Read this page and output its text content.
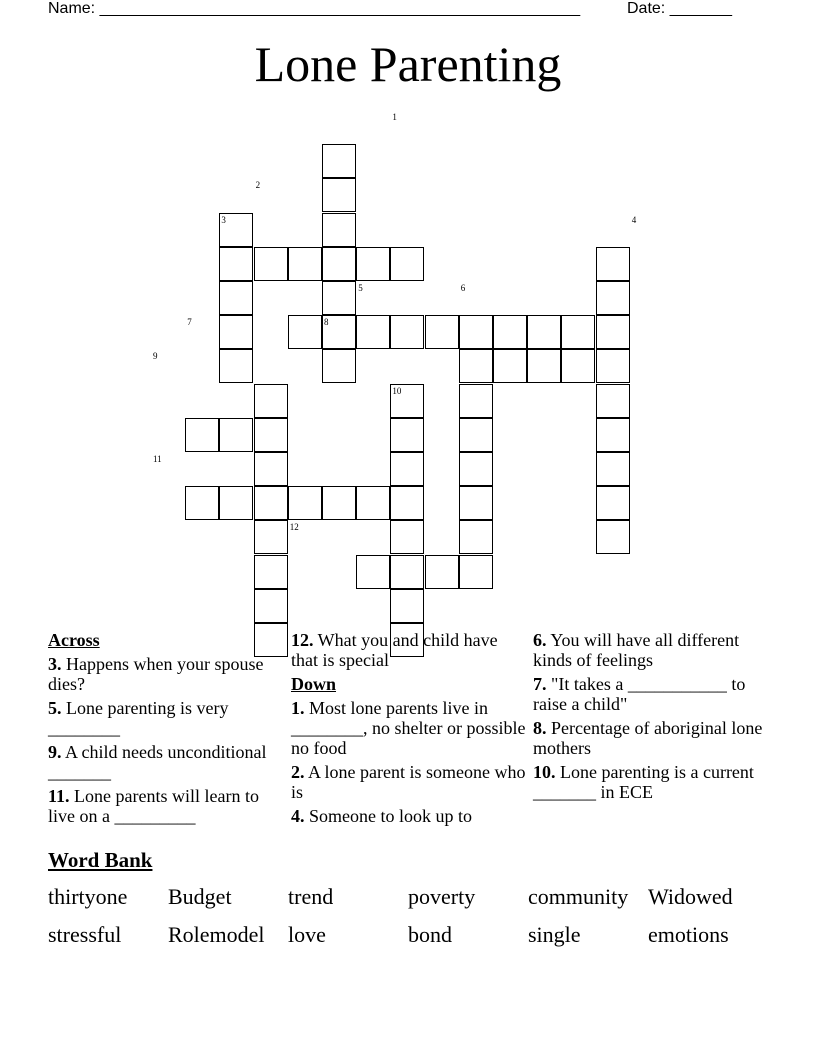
Name: ______________________________________________________	Date: _______
Lone Parenting
1
2
3	4
5	6
7	8
9
10
11
12
Across
3. Happens when your spouse dies?
5. Lone parenting is very ________
9. A child needs unconditional _______
11. Lone parents will learn to live on a _________
12. What you and child have that is special
Down
1. Most lone parents live in ________, no shelter or possible no food
2. A lone parent is someone who is
4. Someone to look up to
6. You will have all different kinds of feelings
7. "It takes a ___________ to raise a child"
8. Percentage of aboriginal lone mothers
10. Lone parenting is a current _______ in ECE
Word Bank
thirtyone Budget	trend	poverty community Widowed
stressful Rolemodel love	bond	single	emotions
